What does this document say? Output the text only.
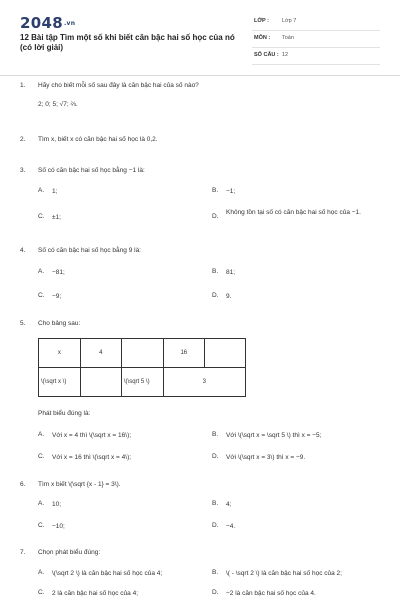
2048.vn
12 Bài tập Tìm một số khi biết căn bậc hai số học của nó (có lời giải)
LỚP : Lớp 7
MÔN : Toán
SỐ CÂU : 12
1.	Hãy cho biết mỗi số sau đây là căn bậc hai của số nào?
2; 0; 5; √7; ⅔.
2.	Tìm x, biết x có căn bậc hai số học là 0,2.
3.	Số có căn bậc hai số học bằng −1 là:
A.	1;	B.	−1;
C.	±1;	D.
Không tồn tại số có căn bậc hai số học của −1.
4.	Số có căn bậc hai số học bằng 9 là:
A.	−81;	B.	81;
C.	−9;	D.	9.
5.	Cho bảng sau:
x	4		16	
\(\sqrt x \)		\(\sqrt 5 \)	3	
Phát biểu đúng là:
A.	Với x = 4 thì \(\sqrt x = 16\);	B.	Với \(\sqrt x = \sqrt 5 \) thì x = −5;
C.	Với x = 16 thì \(\sqrt x = 4\);	D.	Với \(\sqrt x = 3\) thì x = −9.
6.	Tìm x biết \(\sqrt {x - 1} = 3\).
A.	10;	B.	4;
C.	−10;	D.	−4.
7.	Chọn phát biểu đúng:
A.	\(\sqrt 2 \) là căn bậc hai số học của 4;	B.	\( - \sqrt 2 \) là căn bậc hai số học của 2;
C.	2 là căn bậc hai số học của 4;	D.	−2 là căn bậc hai số học của 4.
